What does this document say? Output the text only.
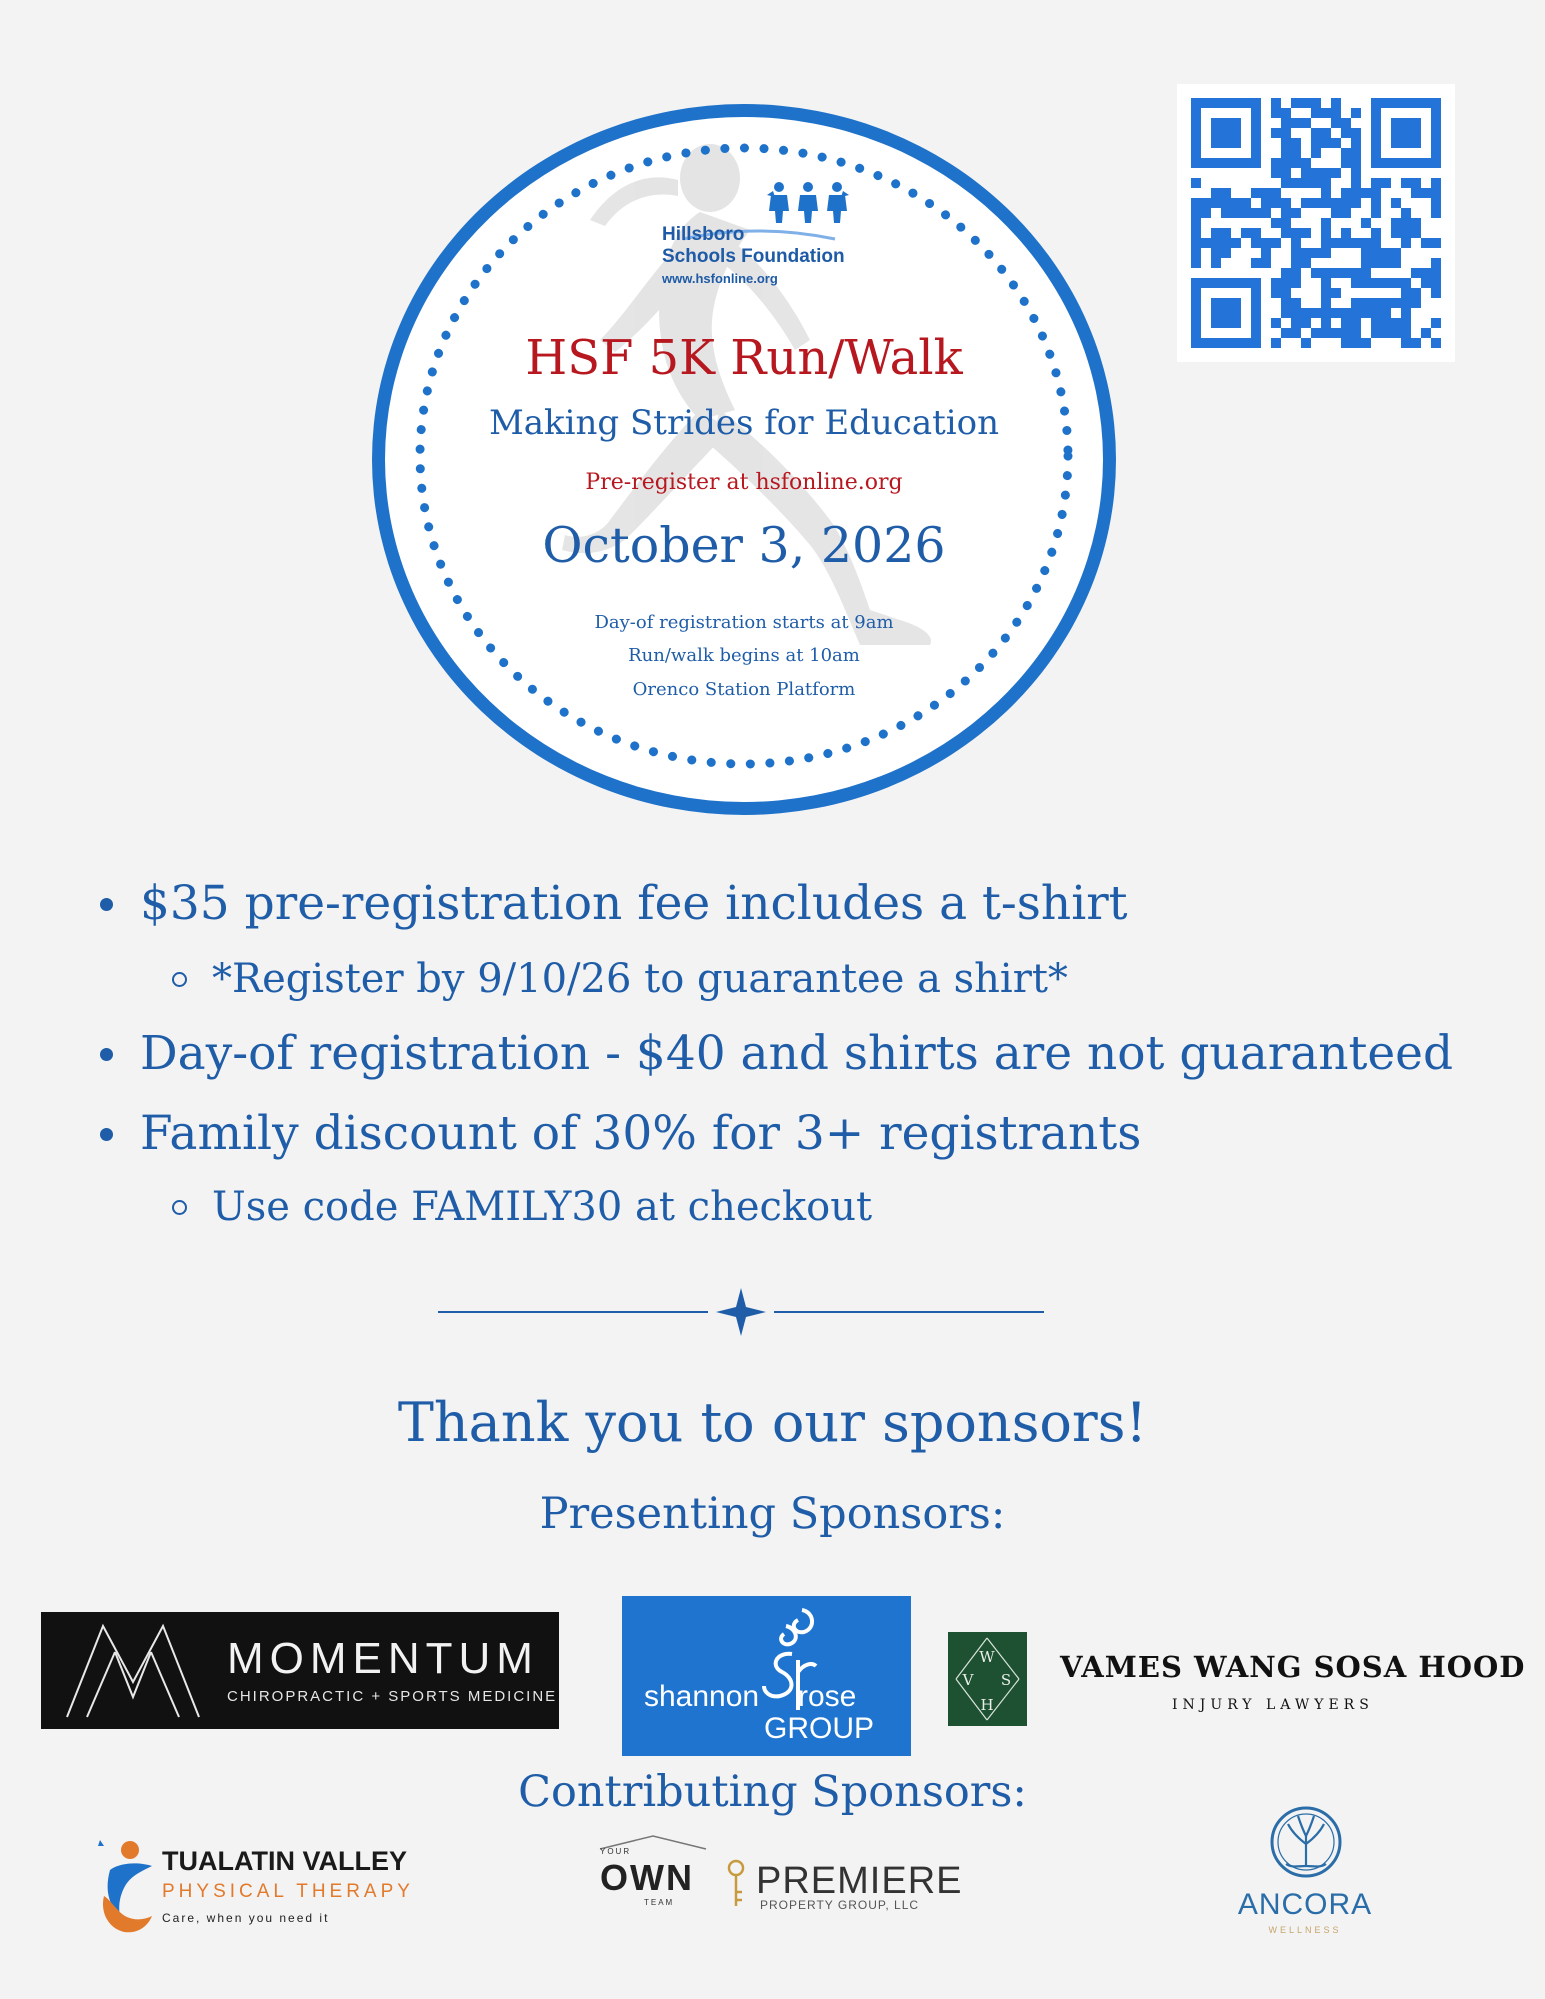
Hillsboro
Schools Foundation
www.hsfonline.org
HSF 5K Run/Walk
Making Strides for Education
Pre-register at hsfonline.org
October 3, 2026
Day-of registration starts at 9am
Run/walk begins at 10am
Orenco Station Platform
$35 pre-registration fee includes a t-shirt
*Register by 9/10/26 to guarantee a shirt*
Day-of registration - $40 and shirts are not guaranteed
Family discount of 30% for 3+ registrants
Use code FAMILY30 at checkout
Thank you to our sponsors!
Presenting Sponsors:
MOMENTUM
CHIROPRACTIC + SPORTS MEDICINE	shannon rose
GROUP
W
V S
H
VAMES WANG SOSA HOOD
INJURY LAWYERS
Contributing Sponsors:
TUALATIN VALLEY
PHYSICAL THERAPY
Care, when you need it
YOUR
OWN
TEAM
PREMIERE
PROPERTY GROUP, LLC	ANCORA
WELLNESS
